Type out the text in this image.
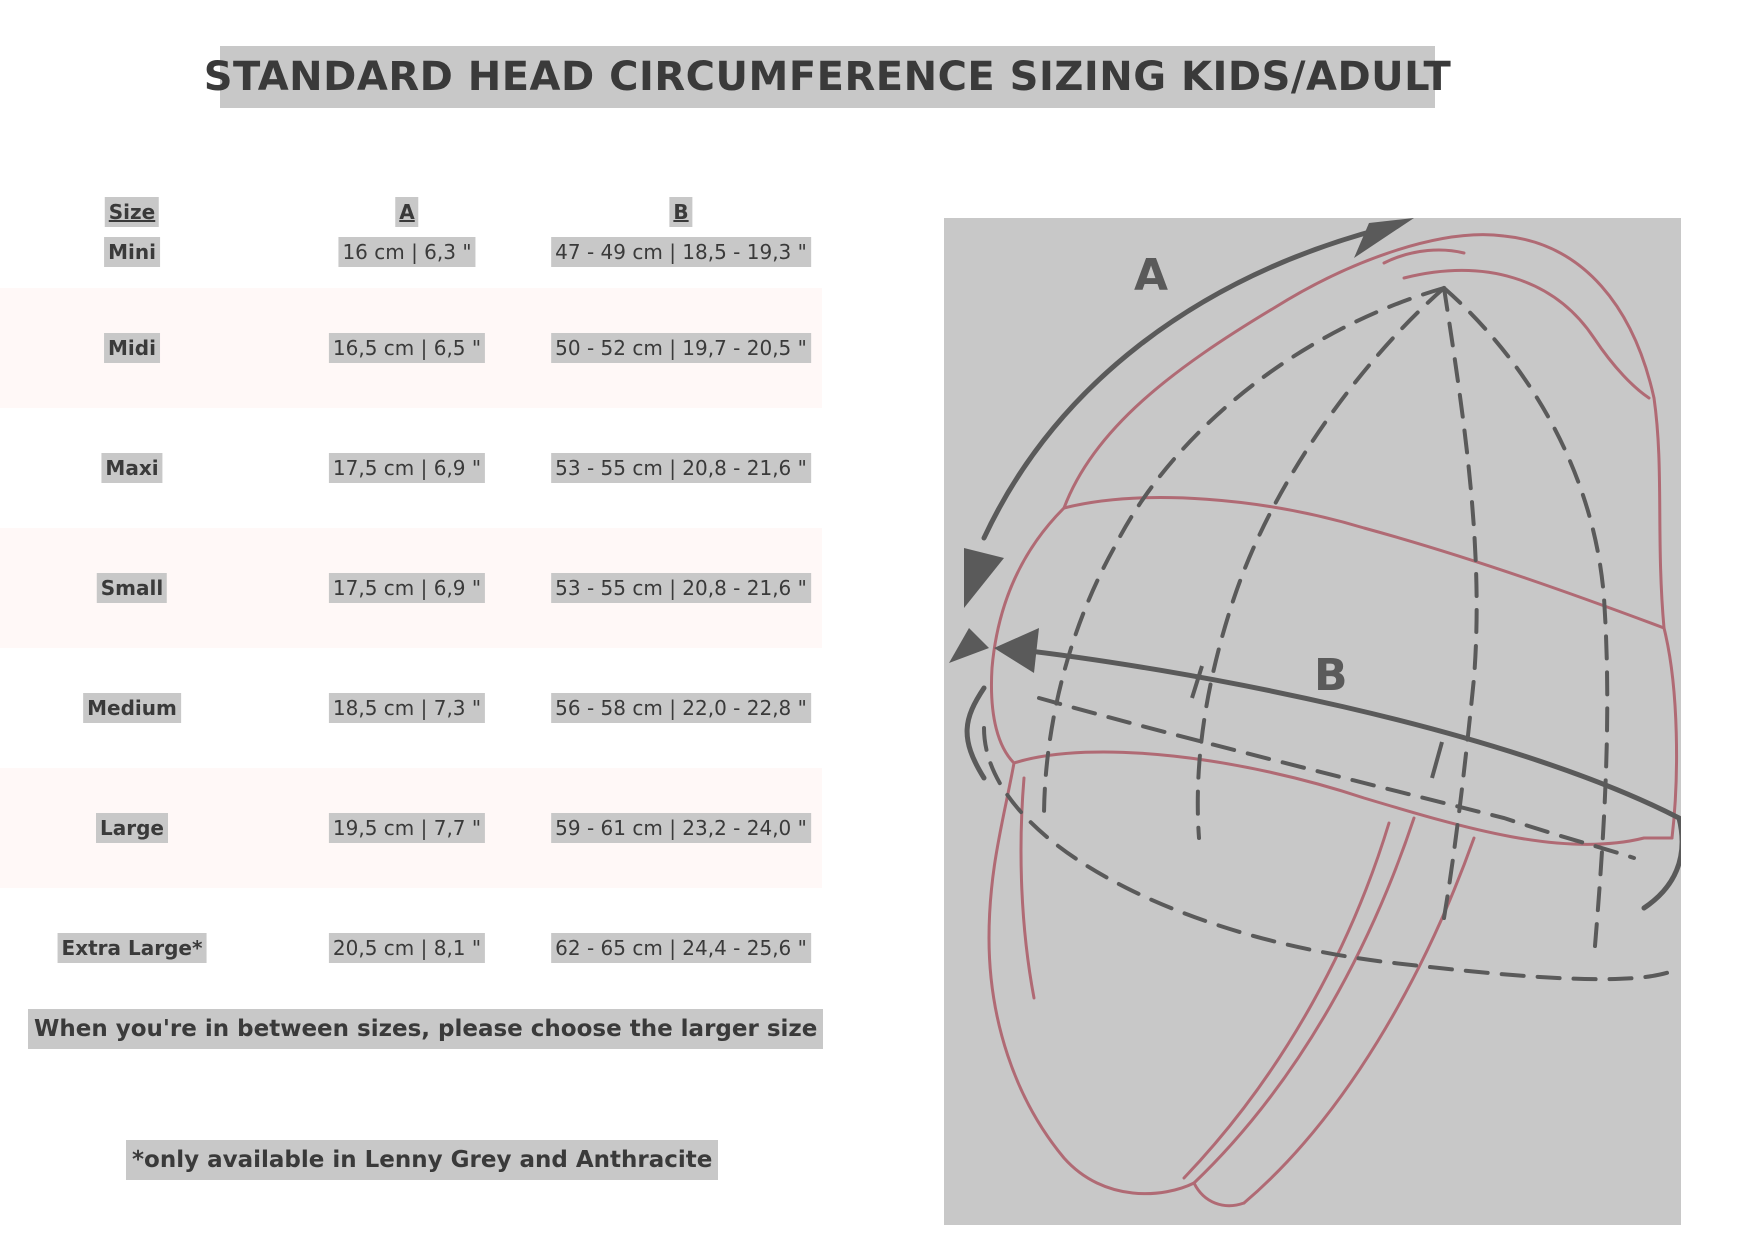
STANDARD HEAD CIRCUMFERENCE SIZING KIDS/ADULT
Size	A	B
Mini	16 cm | 6,3 "	47 - 49 cm | 18,5 - 19,3 "
Midi	16,5 cm | 6,5 "	50 - 52 cm | 19,7 - 20,5 "
Maxi	17,5 cm | 6,9 "	53 - 55 cm | 20,8 - 21,6 "
Small	17,5 cm | 6,9 "	53 - 55 cm | 20,8 - 21,6 "
Medium	18,5 cm | 7,3 "	56 - 58 cm | 22,0 - 22,8 "
Large	19,5 cm | 7,7 "	59 - 61 cm | 23,2 - 24,0 "
Extra Large*	20,5 cm | 8,1 "	62 - 65 cm | 24,4 - 25,6 "
When you're in between sizes, please choose the larger size
*only available in Lenny Grey and Anthracite
A
B
